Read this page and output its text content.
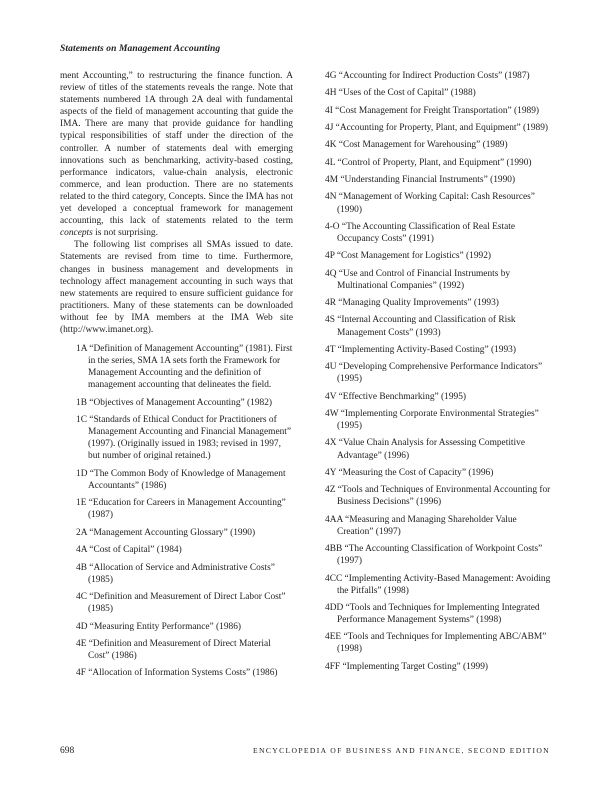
Statements on Management Accounting

ment Accounting,” to restructuring the finance function. A review of titles of the statements reveals the range. Note that statements numbered 1A through 2A deal with fundamental aspects of the field of management accounting that guide the IMA. There are many that provide guidance for handling typical responsibilities of staff under the direction of the controller. A number of statements deal with emerging innovations such as benchmarking, activity-based costing, performance indicators, value-chain analysis, electronic commerce, and lean production. There are no statements related to the third category, Concepts. Since the IMA has not yet developed a conceptual framework for management accounting, this lack of statements related to the term concepts is not surprising.

The following list comprises all SMAs issued to date. Statements are revised from time to time. Furthermore, changes in business management and developments in technology affect management accounting in such ways that new statements are required to ensure sufficient guidance for practitioners. Many of these statements can be downloaded without fee by IMA members at the IMA Web site (http://www.imanet.org).

1A “Definition of Management Accounting” (1981). First in the series, SMA 1A sets forth the Framework for Management Accounting and the definition of management accounting that delineates the field.
1B “Objectives of Management Accounting” (1982)
1C “Standards of Ethical Conduct for Practitioners of Management Accounting and Financial Management” (1997). (Originally issued in 1983; revised in 1997, but number of original retained.)
1D “The Common Body of Knowledge of Management Accountants” (1986)
1E “Education for Careers in Management Accounting” (1987)
2A “Management Accounting Glossary” (1990)
4A “Cost of Capital” (1984)
4B “Allocation of Service and Administrative Costs” (1985)
4C “Definition and Measurement of Direct Labor Cost” (1985)
4D “Measuring Entity Performance” (1986)
4E “Definition and Measurement of Direct Material Cost” (1986)
4F “Allocation of Information Systems Costs” (1986)
4G “Accounting for Indirect Production Costs” (1987)
4H “Uses of the Cost of Capital” (1988)
4I “Cost Management for Freight Transportation” (1989)
4J “Accounting for Property, Plant, and Equipment” (1989)
4K “Cost Management for Warehousing” (1989)
4L “Control of Property, Plant, and Equipment” (1990)
4M “Understanding Financial Instruments” (1990)
4N “Management of Working Capital: Cash Resources” (1990)
4-O “The Accounting Classification of Real Estate Occupancy Costs” (1991)
4P “Cost Management for Logistics” (1992)
4Q “Use and Control of Financial Instruments by Multinational Companies” (1992)
4R “Managing Quality Improvements” (1993)
4S “Internal Accounting and Classification of Risk Management Costs” (1993)
4T “Implementing Activity-Based Costing” (1993)
4U “Developing Comprehensive Performance Indicators” (1995)
4V “Effective Benchmarking” (1995)
4W “Implementing Corporate Environmental Strategies” (1995)
4X “Value Chain Analysis for Assessing Competitive Advantage” (1996)
4Y “Measuring the Cost of Capacity” (1996)
4Z “Tools and Techniques of Environmental Accounting for Business Decisions” (1996)
4AA “Measuring and Managing Shareholder Value Creation” (1997)
4BB “The Accounting Classification of Workpoint Costs” (1997)
4CC “Implementing Activity-Based Management: Avoiding the Pitfalls” (1998)
4DD “Tools and Techniques for Implementing Integrated Performance Management Systems” (1998)
4EE “Tools and Techniques for Implementing ABC/ABM” (1998)
4FF “Implementing Target Costing” (1999)
698	ENCYCLOPEDIA OF BUSINESS AND FINANCE, SECOND EDITION
